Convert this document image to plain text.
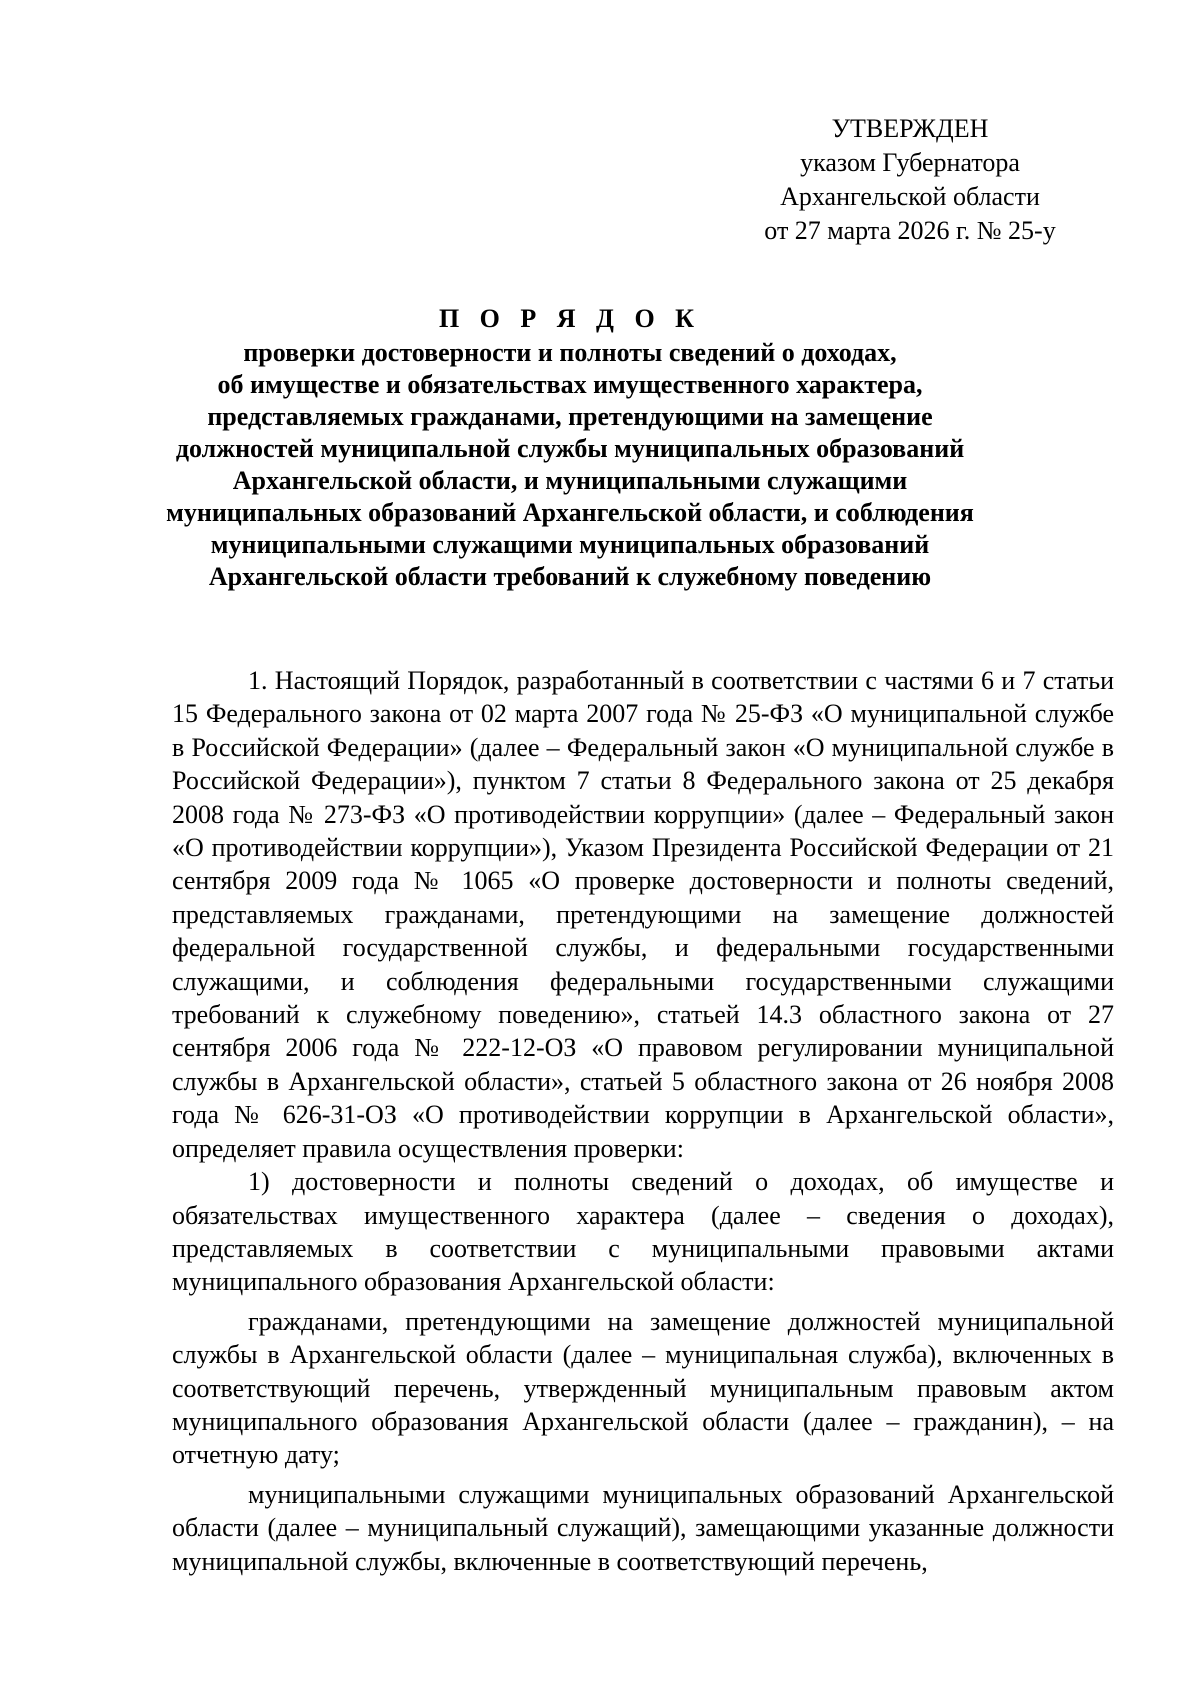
УТВЕРЖДЕН
указом Губернатора
Архангельской области
от 27 марта 2026 г. № 25-у
П О Р Я Д О К
проверки достоверности и полноты сведений о доходах,
об имуществе и обязательствах имущественного характера,
представляемых гражданами, претендующими на замещение
должностей муниципальной службы муниципальных образований
Архангельской области, и муниципальными служащими
муниципальных образований Архангельской области, и соблюдения
муниципальными служащими муниципальных образований
Архангельской области требований к служебному поведению

1. Настоящий Порядок, разработанный в соответствии с частями 6 и 7 статьи 15 Федерального закона от 02 марта 2007 года № 25-ФЗ «О муниципальной службе в Российской Федерации» (далее – Федеральный закон «О муниципальной службе в Российской Федерации»), пунктом 7 статьи 8 Федерального закона от 25 декабря 2008 года № 273-ФЗ «О противодействии коррупции» (далее – Федеральный закон «О противодействии коррупции»), Указом Президента Российской Федерации от 21 сентября 2009 года № 1065 «О проверке достоверности и полноты сведений, представляемых гражданами, претендующими на замещение должностей федеральной государственной службы, и федеральными государственными служащими, и соблюдения федеральными государственными служащими требований к служебному поведению», статьей 14.3 областного закона от 27 сентября 2006 года № 222-12-ОЗ «О правовом регулировании муниципальной службы в Архангельской области», статьей 5 областного закона от 26 ноября 2008 года № 626-31-ОЗ «О противодействии коррупции в Архангельской области», определяет правила осуществления проверки:

1) достоверности и полноты сведений о доходах, об имуществе и обязательствах имущественного характера (далее – сведения о доходах), представляемых в соответствии с муниципальными правовыми актами муниципального образования Архангельской области:

гражданами, претендующими на замещение должностей муниципальной службы в Архангельской области (далее – муниципальная служба), включенных в соответствующий перечень, утвержденный муниципальным правовым актом муниципального образования Архангельской области (далее – гражданин), – на отчетную дату;

муниципальными служащими муниципальных образований Архангельской области (далее – муниципальный служащий), замещающими указанные должности муниципальной службы, включенные в соответствующий перечень,
